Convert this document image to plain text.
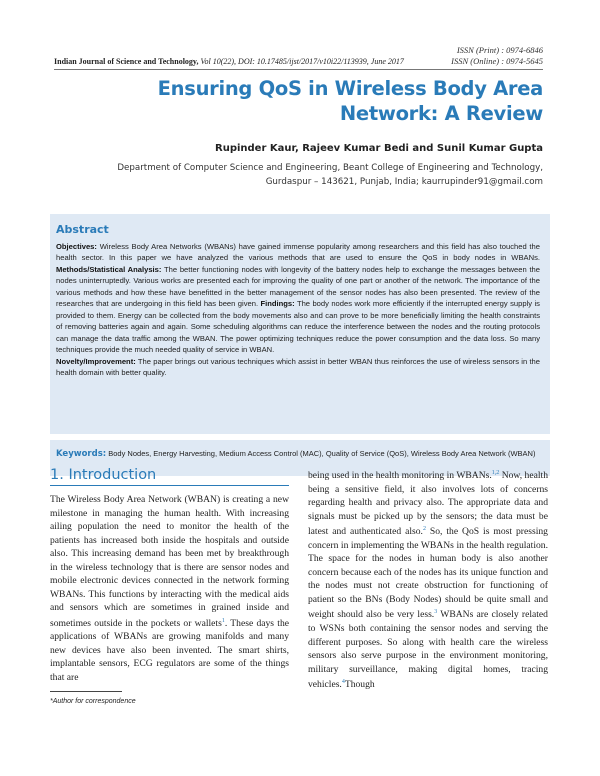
ISSN (Print) : 0974-6846
ISSN (Online) : 0974-5645
Indian Journal of Science and Technology, Vol 10(22), DOI: 10.17485/ijst/2017/v10i22/113939, June 2017
Ensuring QoS in Wireless Body Area Network: A Review
Rupinder Kaur, Rajeev Kumar Bedi and Sunil Kumar Gupta
Department of Computer Science and Engineering, Beant College of Engineering and Technology, Gurdaspur – 143621, Punjab, India; kaurrupinder91@gmail.com
Abstract
Objectives: Wireless Body Area Networks (WBANs) have gained immense popularity among researchers and this field has also touched the health sector. In this paper we have analyzed the various methods that are used to ensure the QoS in body nodes in WBANs. Methods/Statistical Analysis: The better functioning nodes with longevity of the battery nodes help to exchange the messages between the nodes uninterruptedly. Various works are presented each for improving the quality of one part or another of the network. The importance of the various methods and how these have benefitted in the better management of the sensor nodes has also been presented. The review of the researches that are undergoing in this field has been given. Findings: The body nodes work more efficiently if the interrupted energy supply is provided to them. Energy can be collected from the body movements also and can prove to be more beneficially limiting the health constraints of removing batteries again and again. Some scheduling algorithms can reduce the interference between the nodes and the routing protocols can manage the data traffic among the WBAN. The power optimizing techniques reduce the power consumption and the data loss. So many techniques provide the much needed quality of service in WBAN.
Novelty/Improvement: The paper brings out various techniques which assist in better WBAN thus reinforces the use of wireless sensors in the health domain with better quality.
Keywords: Body Nodes, Energy Harvesting, Medium Access Control (MAC), Quality of Service (QoS), Wireless Body Area Network (WBAN)
1. Introduction

The Wireless Body Area Network (WBAN) is creating a new milestone in managing the human health. With increasing ailing population the need to monitor the health of the patients has increased both inside the hospitals and outside also. This increasing demand has been met by breakthrough in the wireless technology that is there are sensor nodes and mobile electronic devices connected in the network forming WBANs. This functions by interacting with the medical aids and sensors which are sometimes in grained inside and sometimes outside in the pockets or wallets$^1$. These days the applications of WBANs are growing manifolds and many new devices have also been invented. The smart shirts, implantable sensors, ECG regulators are some of the things that are

being used in the health monitoring in WBANs.$^{1,2}$ Now, health being a sensitive field, it also involves lots of concerns regarding health and privacy also. The appropriate data and signals must be picked up by the sensors; the data must be latest and authenticated also.$^2$ So, the QoS is most pressing concern in implementing the WBANs in the health regulation. The space for the nodes in human body is also another concern because each of the nodes has its unique function and the nodes must not create obstruction for functioning of patient so the BNs (Body Nodes) should be quite small and weight should also be very less.$^3$ WBANs are closely related to WSNs both containing the sensor nodes and serving the different purposes. So along with health care the wireless sensors also serve purpose in the environment monitoring, military surveillance, making digital homes, tracing vehicles.$^4$Though

*Author for correspondence
